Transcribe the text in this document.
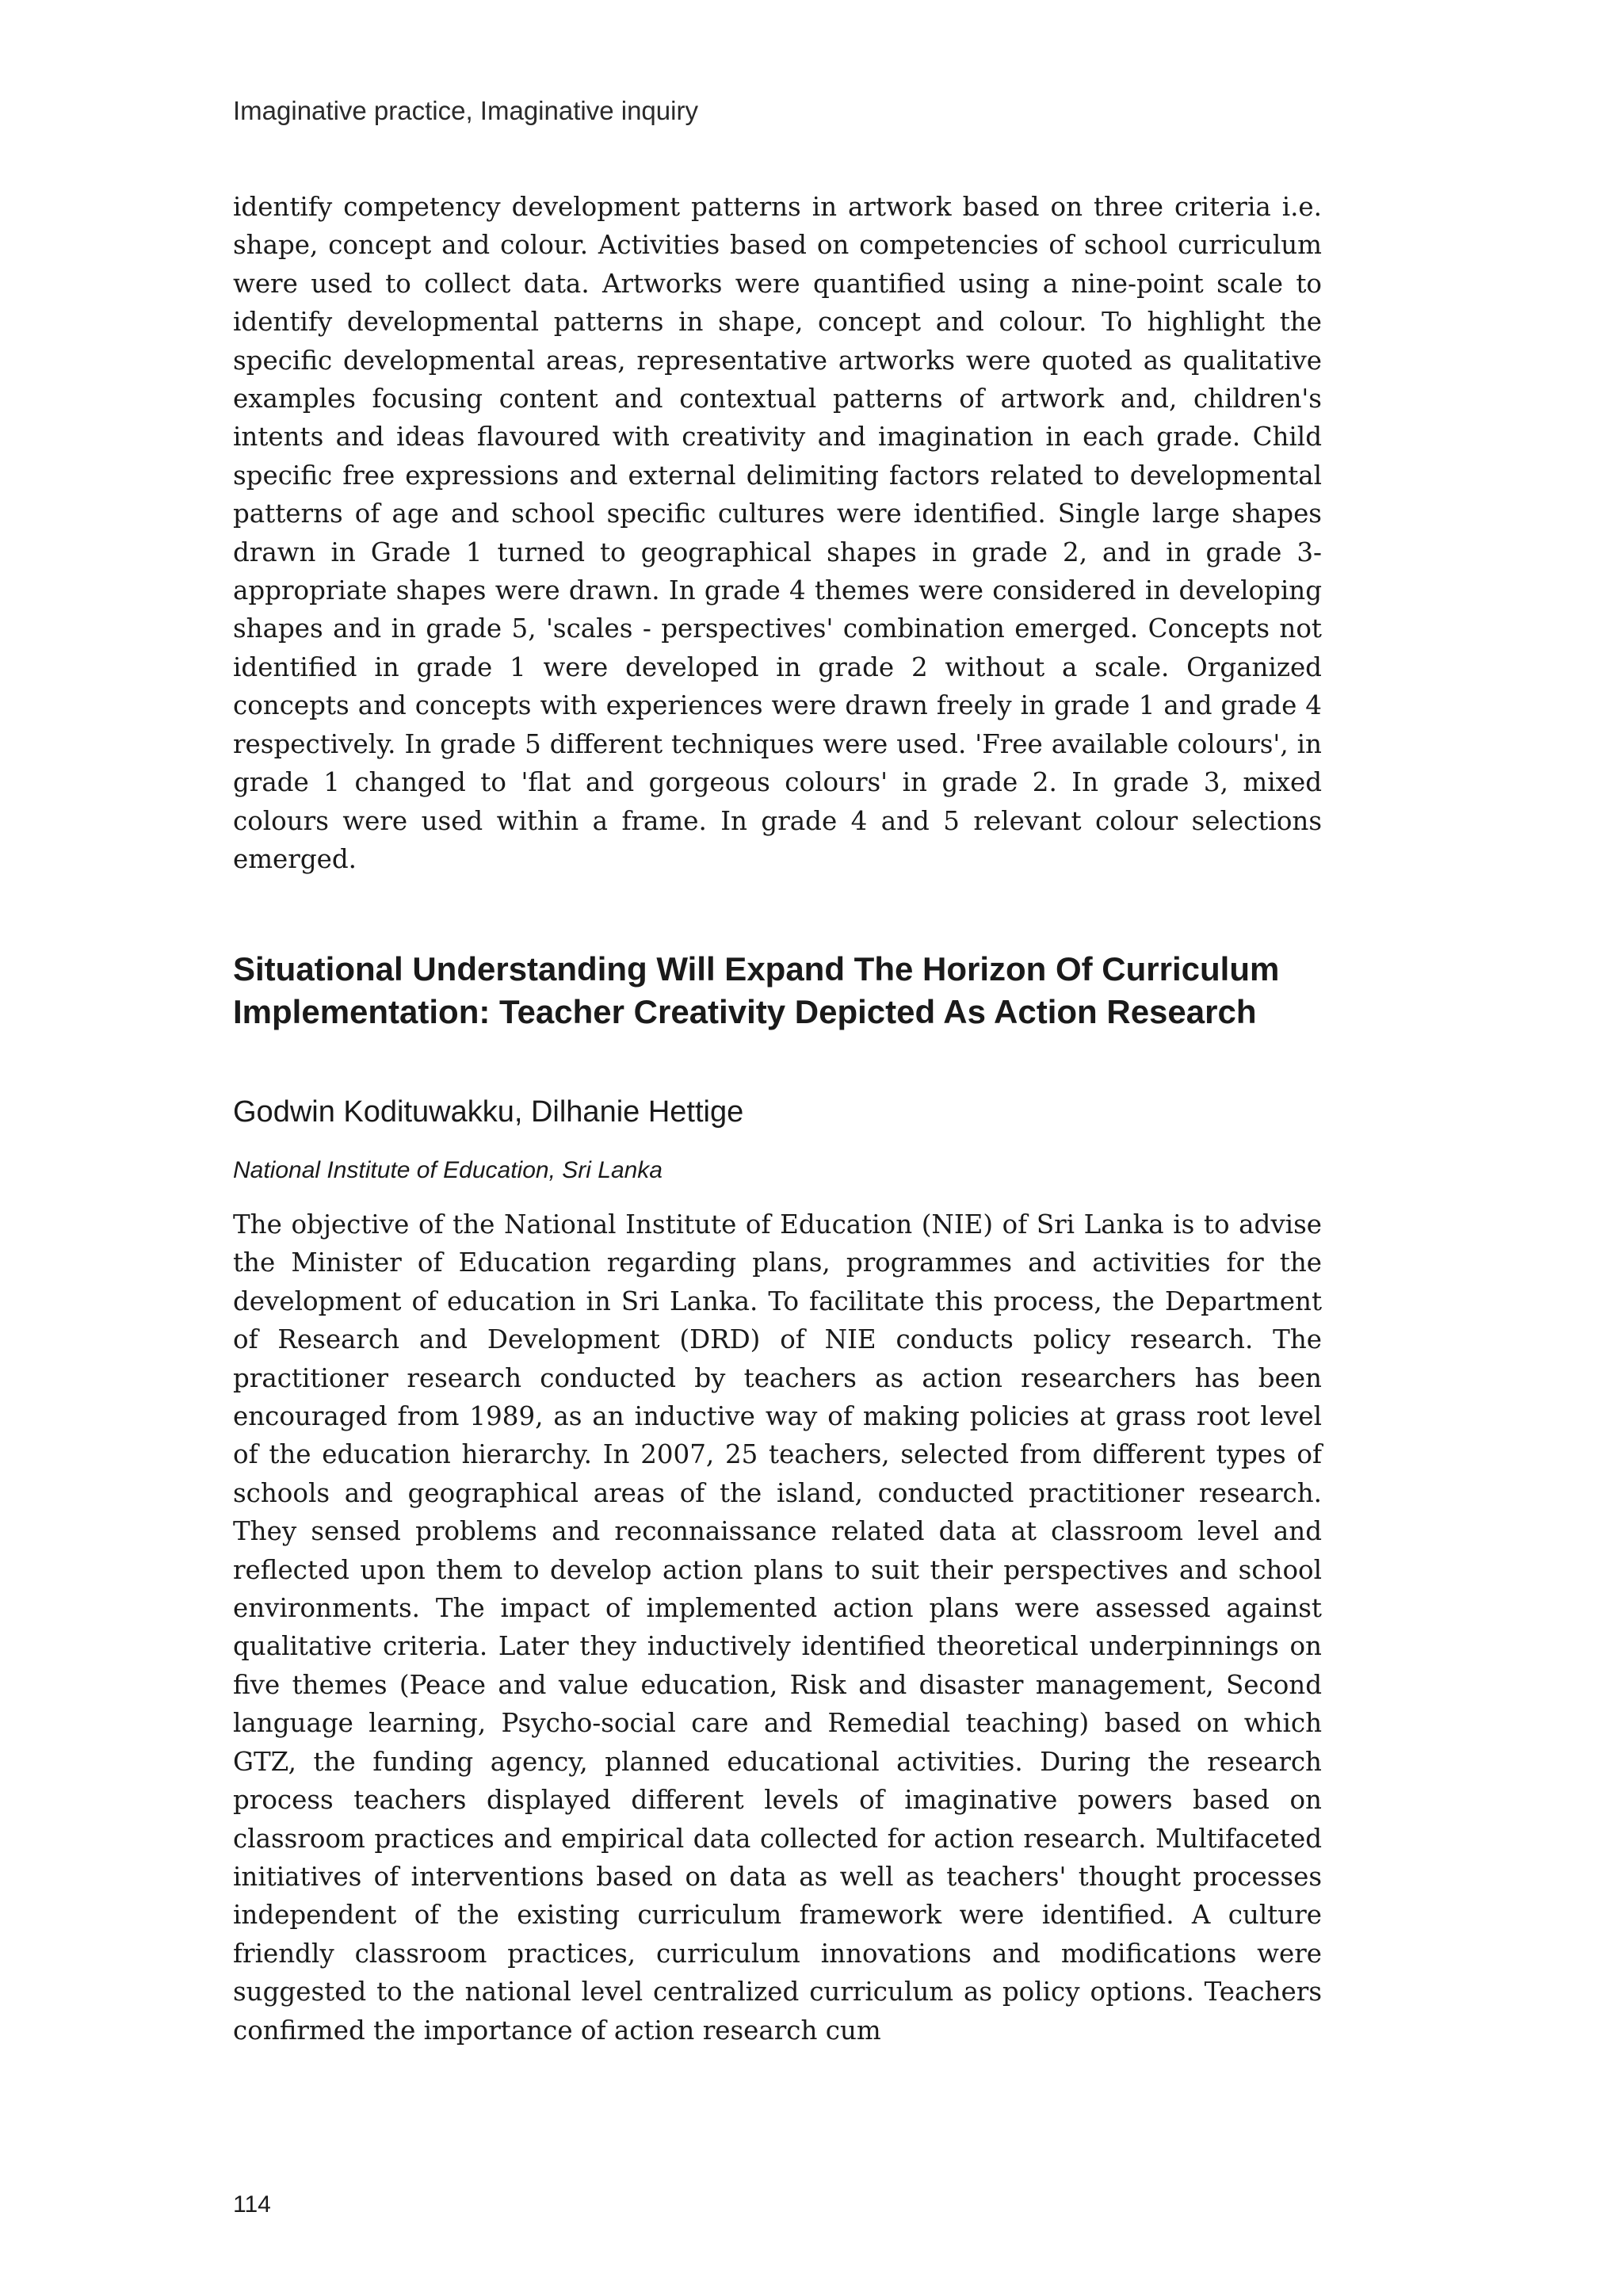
Imaginative practice, Imaginative inquiry

identify competency development patterns in artwork based on three criteria i.e. shape, concept and colour. Activities based on competencies of school curriculum were used to collect data. Artworks were quantified using a nine-point scale to identify developmental patterns in shape, concept and colour. To highlight the specific developmental areas, representative artworks were quoted as qualitative examples focusing content and contextual patterns of artwork and, children's intents and ideas flavoured with creativity and imagination in each grade. Child specific free expressions and external delimiting factors related to developmental patterns of age and school specific cultures were identified. Single large shapes drawn in Grade 1 turned to geographical shapes in grade 2, and in grade 3- appropriate shapes were drawn. In grade 4 themes were considered in developing shapes and in grade 5, 'scales - perspectives' combination emerged. Concepts not identified in grade 1 were developed in grade 2 without a scale. Organized concepts and concepts with experiences were drawn freely in grade 1 and grade 4 respectively. In grade 5 different techniques were used. 'Free available colours', in grade 1 changed to 'flat and gorgeous colours' in grade 2. In grade 3, mixed colours were used within a frame. In grade 4 and 5 relevant colour selections emerged.

Situational Understanding Will Expand The Horizon Of Curriculum Implementation: Teacher Creativity Depicted As Action Research
Godwin Kodituwakku, Dilhanie Hettige
National Institute of Education, Sri Lanka

The objective of the National Institute of Education (NIE) of Sri Lanka is to advise the Minister of Education regarding plans, programmes and activities for the development of education in Sri Lanka. To facilitate this process, the Department of Research and Development (DRD) of NIE conducts policy research. The practitioner research conducted by teachers as action researchers has been encouraged from 1989, as an inductive way of making policies at grass root level of the education hierarchy. In 2007, 25 teachers, selected from different types of schools and geographical areas of the island, conducted practitioner research. They sensed problems and reconnaissance related data at classroom level and reflected upon them to develop action plans to suit their perspectives and school environments. The impact of implemented action plans were assessed against qualitative criteria. Later they inductively identified theoretical underpinnings on five themes (Peace and value education, Risk and disaster management, Second language learning, Psycho-social care and Remedial teaching) based on which GTZ, the funding agency, planned educational activities. During the research process teachers displayed different levels of imaginative powers based on classroom practices and empirical data collected for action research. Multifaceted initiatives of interventions based on data as well as teachers' thought processes independent of the existing curriculum framework were identified. A culture friendly classroom practices, curriculum innovations and modifications were suggested to the national level centralized curriculum as policy options. Teachers confirmed the importance of action research cum

114
